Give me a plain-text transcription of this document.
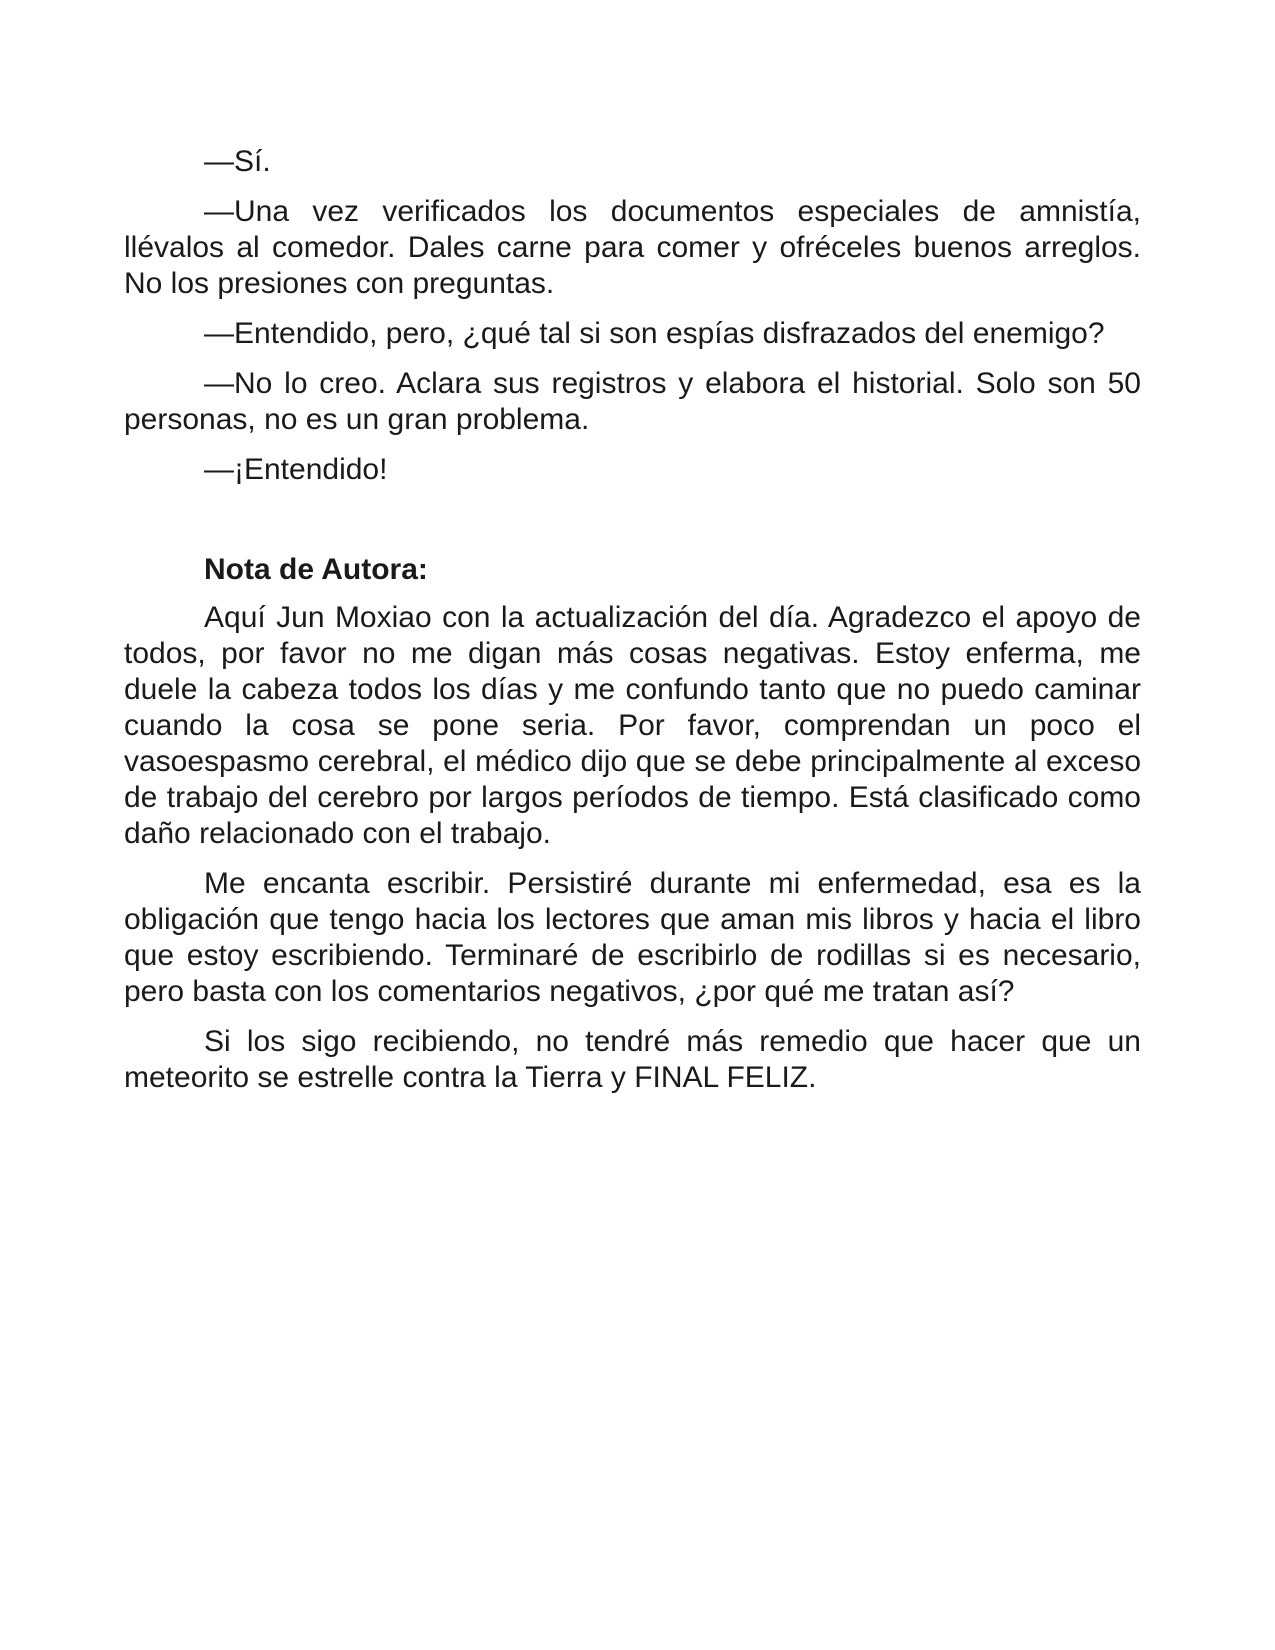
—Sí.

—Una vez verificados los documentos especiales de amnistía, llévalos al comedor. Dales carne para comer y ofréceles buenos arreglos. No los presiones con preguntas.

—Entendido, pero, ¿qué tal si son espías disfrazados del enemigo?

—No lo creo. Aclara sus registros y elabora el historial. Solo son 50 personas, no es un gran problema.

—¡Entendido!

Nota de Autora:

Aquí Jun Moxiao con la actualización del día. Agradezco el apoyo de todos, por favor no me digan más cosas negativas. Estoy enferma, me duele la cabeza todos los días y me confundo tanto que no puedo caminar cuando la cosa se pone seria. Por favor, comprendan un poco el vasoespasmo cerebral, el médico dijo que se debe principalmente al exceso de trabajo del cerebro por largos períodos de tiempo. Está clasificado como daño relacionado con el trabajo.

Me encanta escribir. Persistiré durante mi enfermedad, esa es la obligación que tengo hacia los lectores que aman mis libros y hacia el libro que estoy escribiendo. Terminaré de escribirlo de rodillas si es necesario, pero basta con los comentarios negativos, ¿por qué me tratan así?

Si los sigo recibiendo, no tendré más remedio que hacer que un meteorito se estrelle contra la Tierra y FINAL FELIZ.
